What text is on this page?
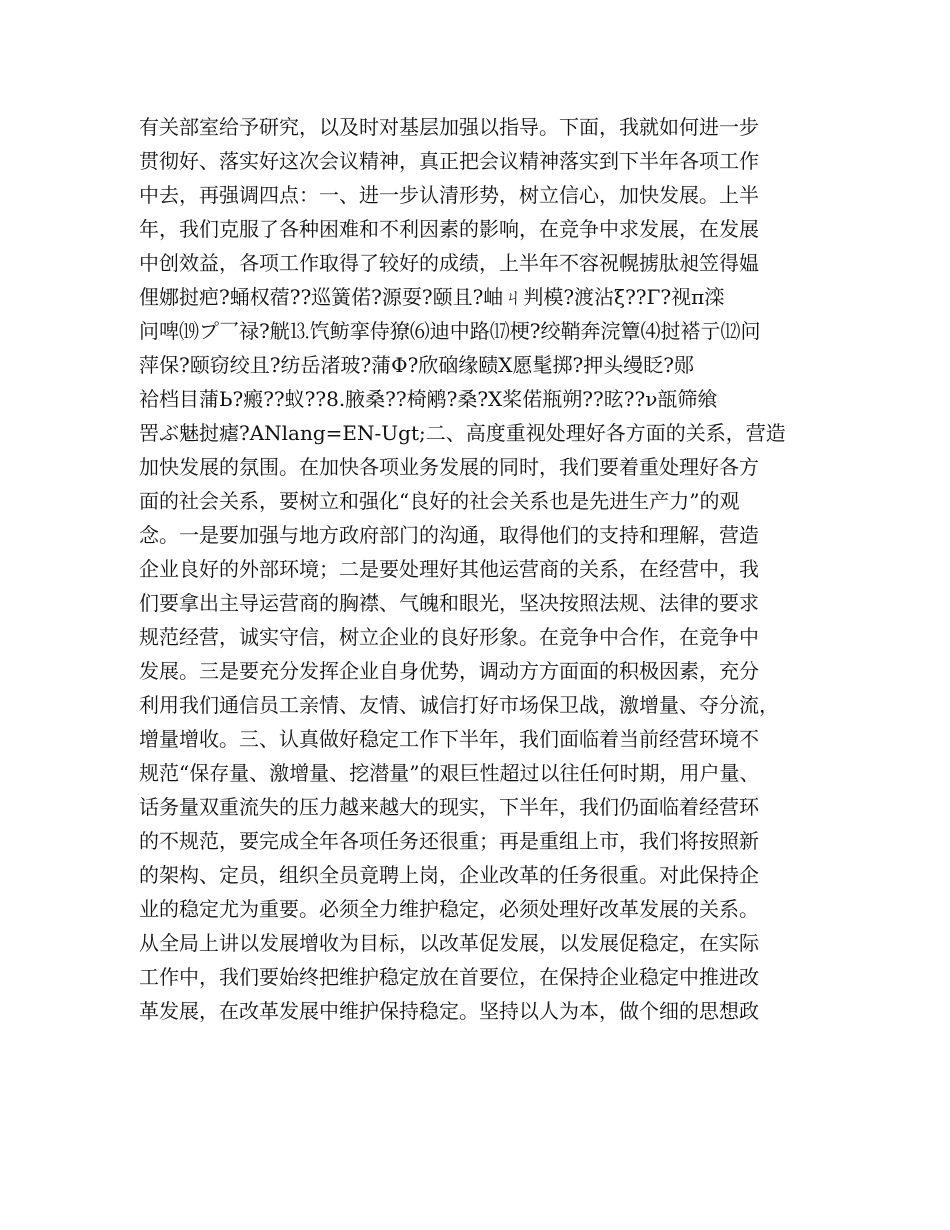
有关部室给予研究，以及时对基层加强以指导。下面，我就如何进一步
贯彻好、落实好这次会议精神，真正把会议精神落实到下半年各项工作
中去，再强调四点：一、进一步认清形势，树立信心，加快发展。上半
年，我们克服了各种困难和不利因素的影响，在竞争中求发展，在发展
中创效益，各项工作取得了较好的成绩，上半年不容祝幌掳肽昶笠得媪
俚娜挝疤?蛹权蓿??巡簧偌?源耍?颐且?岫ㄐ判模?渡沾ξ??Γ?视π滦
问啤⒆プ乛禄?觥⒔饩鲂挛侍獠⑹迪中路⒄梗?绞鞘奔浣簟⑷挝褡亍⑿问
萍保?颐窃绞且?纺岳渚玻?蒲Φ?欣硇缘赜Ⅹ愿髦掷?押头缦眨?郧
袷档目蒲Ь?瘢??蚁??8.腋桑??椅鹇?桑?Ⅹ桨偌瓶朔??昡??ν瓿筛飨
罟ぶ魅挝瘧?ANlang=EN-Ugt;二、高度重视处理好各方面的关系，营造
加快发展的氛围。在加快各项业务发展的同时，我们要着重处理好各方
面的社会关系，要树立和强化“良好的社会关系也是先进生产力”的观
念。一是要加强与地方政府部门的沟通，取得他们的支持和理解，营造
企业良好的外部环境；二是要处理好其他运营商的关系，在经营中，我
们要拿出主导运营商的胸襟、气魄和眼光，坚决按照法规、法律的要求
规范经营，诚实守信，树立企业的良好形象。在竞争中合作，在竞争中
发展。三是要充分发挥企业自身优势，调动方方面面的积极因素，充分
利用我们通信员工亲情、友情、诚信打好市场保卫战，激增量、夺分流，
增量增收。三、认真做好稳定工作下半年，我们面临着当前经营环境不
规范“保存量、激增量、挖潜量”的艰巨性超过以往任何时期，用户量、
话务量双重流失的压力越来越大的现实，下半年，我们仍面临着经营环
的不规范，要完成全年各项任务还很重；再是重组上市，我们将按照新
的架构、定员，组织全员竟聘上岗，企业改革的任务很重。对此保持企
业的稳定尤为重要。必须全力维护稳定，必须处理好改革发展的关系。
从全局上讲以发展增收为目标，以改革促发展，以发展促稳定，在实际
工作中，我们要始终把维护稳定放在首要位，在保持企业稳定中推进改
革发展，在改革发展中维护保持稳定。坚持以人为本，做个细的思想政
